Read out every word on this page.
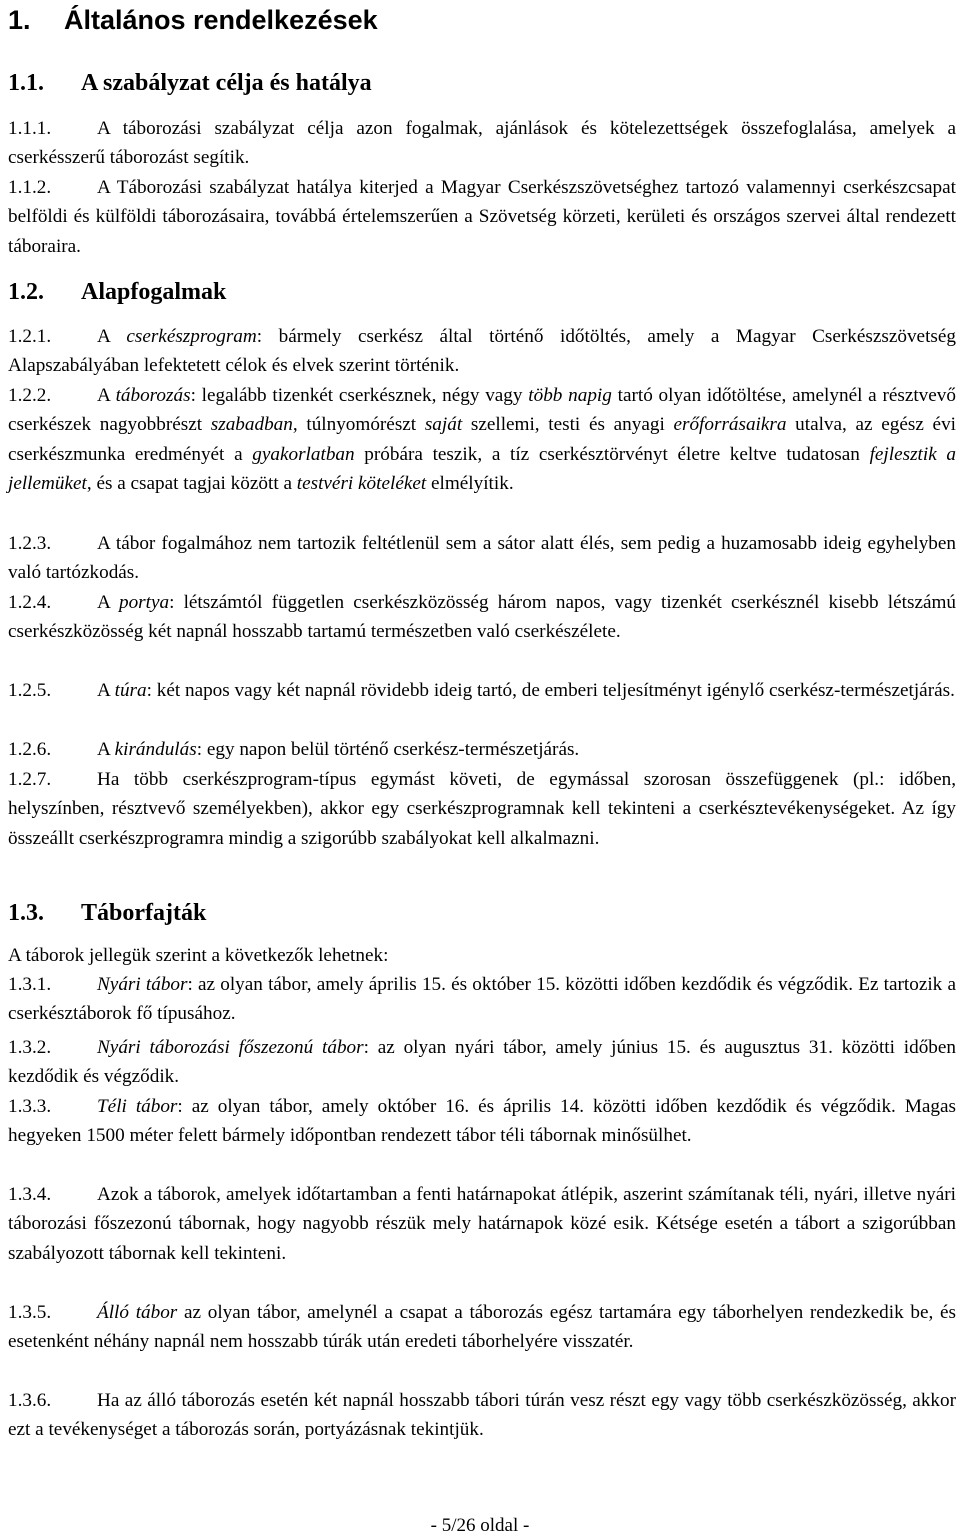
1. Általános rendelkezések
1.1. A szabályzat célja és hatálya

1.1.1. A táborozási szabályzat célja azon fogalmak, ajánlások és kötelezettségek összefoglalása, amelyek a cserkésszerű táborozást segítik.

1.1.2. A Táborozási szabályzat hatálya kiterjed a Magyar Cserkészszövetséghez tartozó valamennyi cserkészcsapat belföldi és külföldi táborozásaira, továbbá értelemszerűen a Szövetség körzeti, kerületi és országos szervei által rendezett táboraira.

1.2. Alapfogalmak

1.2.1. A cserkészprogram: bármely cserkész által történő időtöltés, amely a Magyar Cserkészszövetség Alapszabályában lefektetett célok és elvek szerint történik.

1.2.2. A táborozás: legalább tizenkét cserkésznek, négy vagy több napig tartó olyan időtöltése, amelynél a résztvevő cserkészek nagyobbrészt szabadban, túlnyomórészt saját szellemi, testi és anyagi erőforrásaikra utalva, az egész évi cserkészmunka eredményét a gyakorlatban próbára teszik, a tíz cserkésztörvényt életre keltve tudatosan fejlesztik a jellemüket, és a csapat tagjai között a testvéri köteléket elmélyítik.

1.2.3. A tábor fogalmához nem tartozik feltétlenül sem a sátor alatt élés, sem pedig a huzamosabb ideig egyhelyben való tartózkodás.

1.2.4. A portya: létszámtól független cserkészközösség három napos, vagy tizenkét cserkésznél kisebb létszámú cserkészközösség két napnál hosszabb tartamú természetben való cserkészélete.

1.2.5. A túra: két napos vagy két napnál rövidebb ideig tartó, de emberi teljesítményt igénylő cserkész-természetjárás.

1.2.6. A kirándulás: egy napon belül történő cserkész-természetjárás.

1.2.7. Ha több cserkészprogram-típus egymást követi, de egymással szorosan összefüggenek (pl.: időben, helyszínben, résztvevő személyekben), akkor egy cserkészprogramnak kell tekinteni a cserkésztevékenységeket. Az így összeállt cserkészprogramra mindig a szigorúbb szabályokat kell alkalmazni.

1.3. Táborfajták

A táborok jellegük szerint a következők lehetnek:

1.3.1. Nyári tábor: az olyan tábor, amely április 15. és október 15. közötti időben kezdődik és végződik. Ez tartozik a cserkésztáborok fő típusához.

1.3.2. Nyári táborozási főszezonú tábor: az olyan nyári tábor, amely június 15. és augusztus 31. közötti időben kezdődik és végződik.

1.3.3. Téli tábor: az olyan tábor, amely október 16. és április 14. közötti időben kezdődik és végződik. Magas hegyeken 1500 méter felett bármely időpontban rendezett tábor téli tábornak minősülhet.

1.3.4. Azok a táborok, amelyek időtartamban a fenti határnapokat átlépik, aszerint számítanak téli, nyári, illetve nyári táborozási főszezonú tábornak, hogy nagyobb részük mely határnapok közé esik. Kétsége esetén a tábort a szigorúbban szabályozott tábornak kell tekinteni.

1.3.5. Álló tábor az olyan tábor, amelynél a csapat a táborozás egész tartamára egy táborhelyen rendezkedik be, és esetenként néhány napnál nem hosszabb túrák után eredeti táborhelyére visszatér.

1.3.6. Ha az álló táborozás esetén két napnál hosszabb tábori túrán vesz részt egy vagy több cserkészközösség, akkor ezt a tevékenységet a táborozás során, portyázásnak tekintjük.

- 5/26 oldal -
